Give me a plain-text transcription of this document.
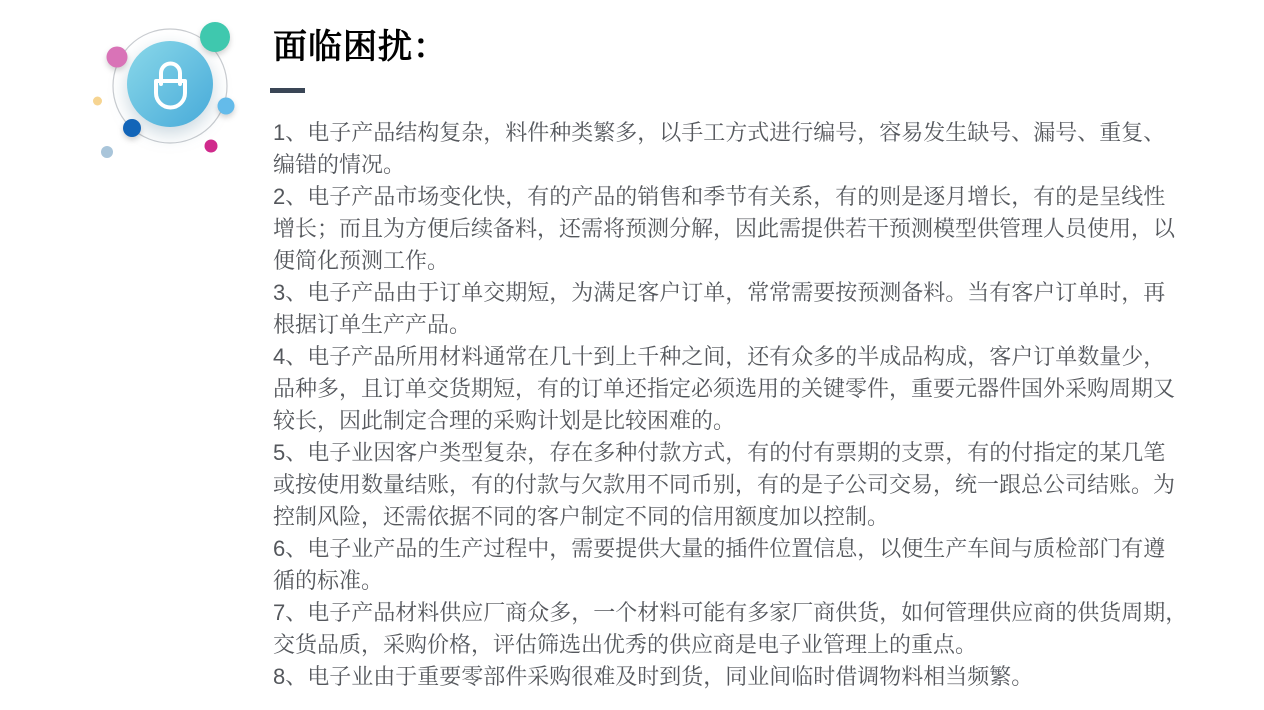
面临困扰：

1、电子产品结构复杂，料件种类繁多，以手工方式进行编号，容易发生缺号、漏号、重复、编错的情况。

2、电子产品市场变化快，有的产品的销售和季节有关系，有的则是逐月增长，有的是呈线性增长；而且为方便后续备料，还需将预测分解，因此需提供若干预测模型供管理人员使用，以便简化预测工作。

3、电子产品由于订单交期短，为满足客户订单，常常需要按预测备料。当有客户订单时，再根据订单生产产品。

4、电子产品所用材料通常在几十到上千种之间，还有众多的半成品构成，客户订单数量少，品种多，且订单交货期短，有的订单还指定必须选用的关键零件，重要元器件国外采购周期又较长，因此制定合理的采购计划是比较困难的。

5、电子业因客户类型复杂，存在多种付款方式，有的付有票期的支票，有的付指定的某几笔或按使用数量结账，有的付款与欠款用不同币别，有的是子公司交易，统一跟总公司结账。为控制风险，还需依据不同的客户制定不同的信用额度加以控制。

6、电子业产品的生产过程中，需要提供大量的插件位置信息，以便生产车间与质检部门有遵循的标准。

7、电子产品材料供应厂商众多，一个材料可能有多家厂商供货，如何管理供应商的供货周期，　 交货品质，采购价格，评估筛选出优秀的供应商是电子业管理上的重点。

8、电子业由于重要零部件采购很难及时到货，同业间临时借调物料相当频繁。
